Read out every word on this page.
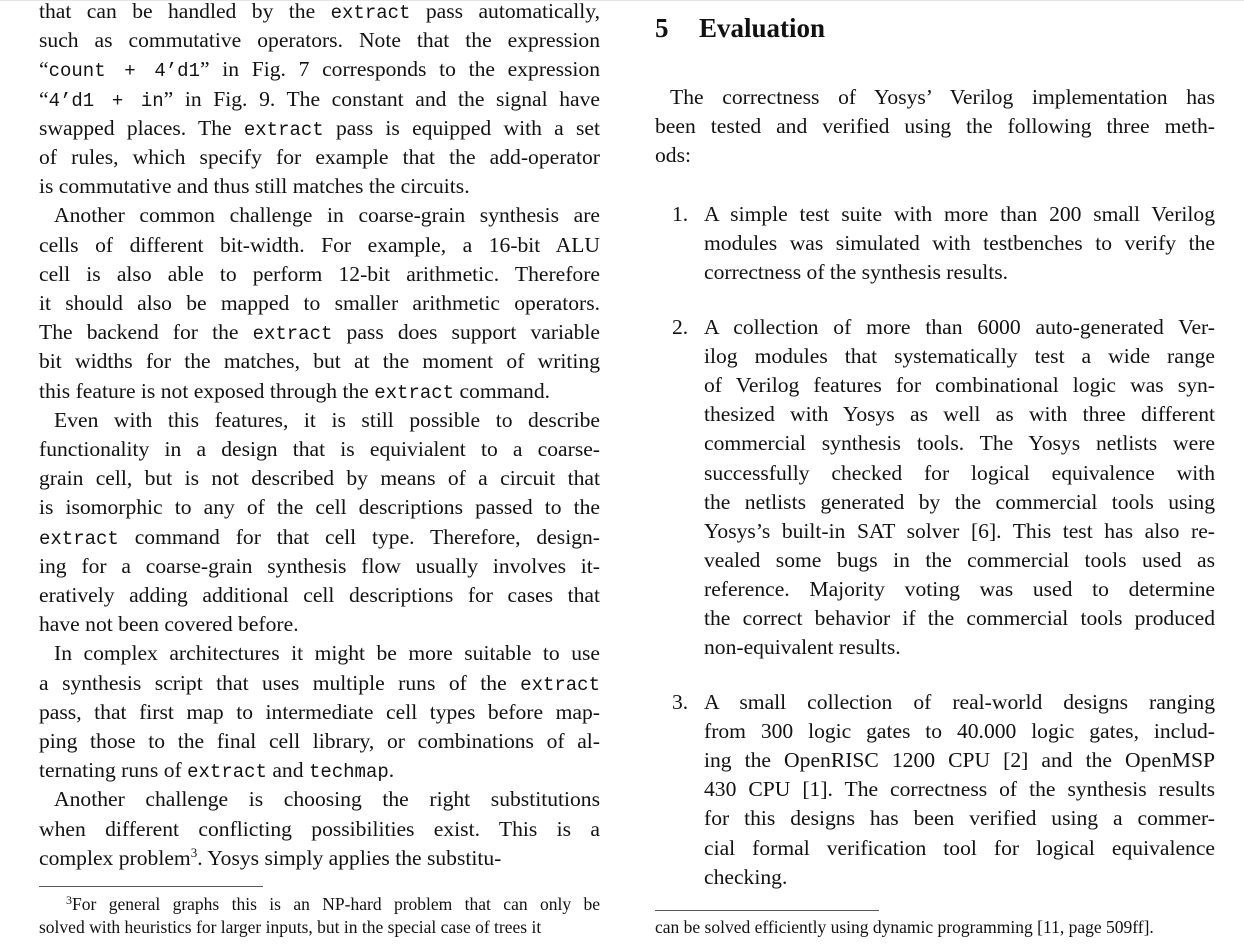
$^3$For general graphs this is an NP-hard problem that can only be
solved with heuristics for larger inputs, but in the special case of trees it
that can be handled by the extract pass automatically,
such as commutative operators. Note that the expression
“count + 4’d1” in Fig. 7 corresponds to the expression
“4’d1 + in” in Fig. 9. The constant and the signal have
swapped places. The extract pass is equipped with a set
of rules, which specify for example that the add-operator
is commutative and thus still matches the circuits.
Another common challenge in coarse-grain synthesis are
cells of different bit-width. For example, a 16-bit ALU
cell is also able to perform 12-bit arithmetic. Therefore
it should also be mapped to smaller arithmetic operators.
The backend for the extract pass does support variable
bit widths for the matches, but at the moment of writing
this feature is not exposed through the extract command.
Even with this features, it is still possible to describe
functionality in a design that is equivialent to a coarse-
grain cell, but is not described by means of a circuit that
is isomorphic to any of the cell descriptions passed to the
extract command for that cell type. Therefore, design-
ing for a coarse-grain synthesis flow usually involves it-
eratively adding additional cell descriptions for cases that
have not been covered before.
In complex architectures it might be more suitable to use
a synthesis script that uses multiple runs of the extract
pass, that first map to intermediate cell types before map-
ping those to the final cell library, or combinations of al-
ternating runs of extract and techmap.
Another challenge is choosing the right substitutions
when different conflicting possibilities exist. This is a
complex problem$^3$. Yosys simply applies the substitu-
5 Evaluation
can be solved efficiently using dynamic programming [11, page 509ff].
The correctness of Yosys’ Verilog implementation has
been tested and verified using the following three meth-
ods:
1. A simple test suite with more than 200 small Verilog
modules was simulated with testbenches to verify the
correctness of the synthesis results.
2. A collection of more than 6000 auto-generated Ver-
ilog modules that systematically test a wide range
of Verilog features for combinational logic was syn-
thesized with Yosys as well as with three different
commercial synthesis tools. The Yosys netlists were
successfully checked for logical equivalence with
the netlists generated by the commercial tools using
Yosys’s built-in SAT solver [6]. This test has also re-
vealed some bugs in the commercial tools used as
reference. Majority voting was used to determine
the correct behavior if the commercial tools produced
non-equivalent results.
3. A small collection of real-world designs ranging
from 300 logic gates to 40.000 logic gates, includ-
ing the OpenRISC 1200 CPU [2] and the OpenMSP
430 CPU [1]. The correctness of the synthesis results
for this designs has been verified using a commer-
cial formal verification tool for logical equivalence
checking.
